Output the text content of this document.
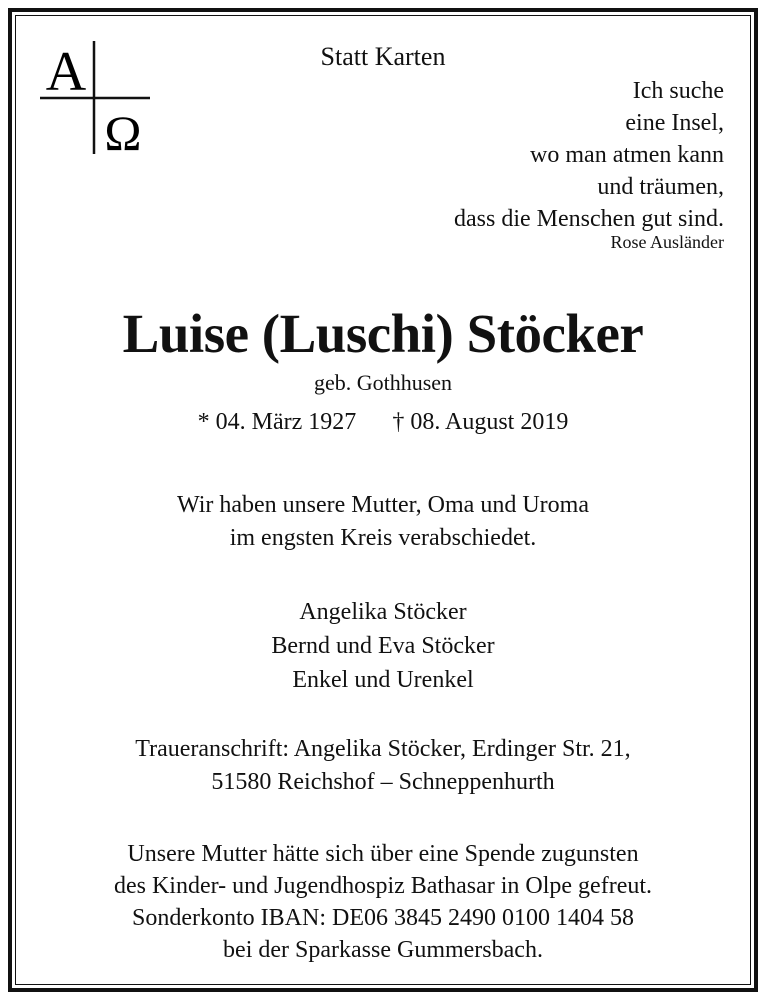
A
Ω
Statt Karten
Ich suche
eine Insel,
wo man atmen kann
und träumen,
dass die Menschen gut sind.
Rose Ausländer
Luise (Luschi) Stöcker
geb. Gothhusen
* 04. März 1927 † 08. August 2019
Wir haben unsere Mutter, Oma und Uroma
im engsten Kreis verabschiedet.
Angelika Stöcker
Bernd und Eva Stöcker
Enkel und Urenkel
Traueranschrift: Angelika Stöcker, Erdinger Str. 21,
51580 Reichshof – Schneppenhurth
Unsere Mutter hätte sich über eine Spende zugunsten
des Kinder- und Jugendhospiz Bathasar in Olpe gefreut.
Sonderkonto IBAN: DE06 3845 2490 0100 1404 58
bei der Sparkasse Gummersbach.
